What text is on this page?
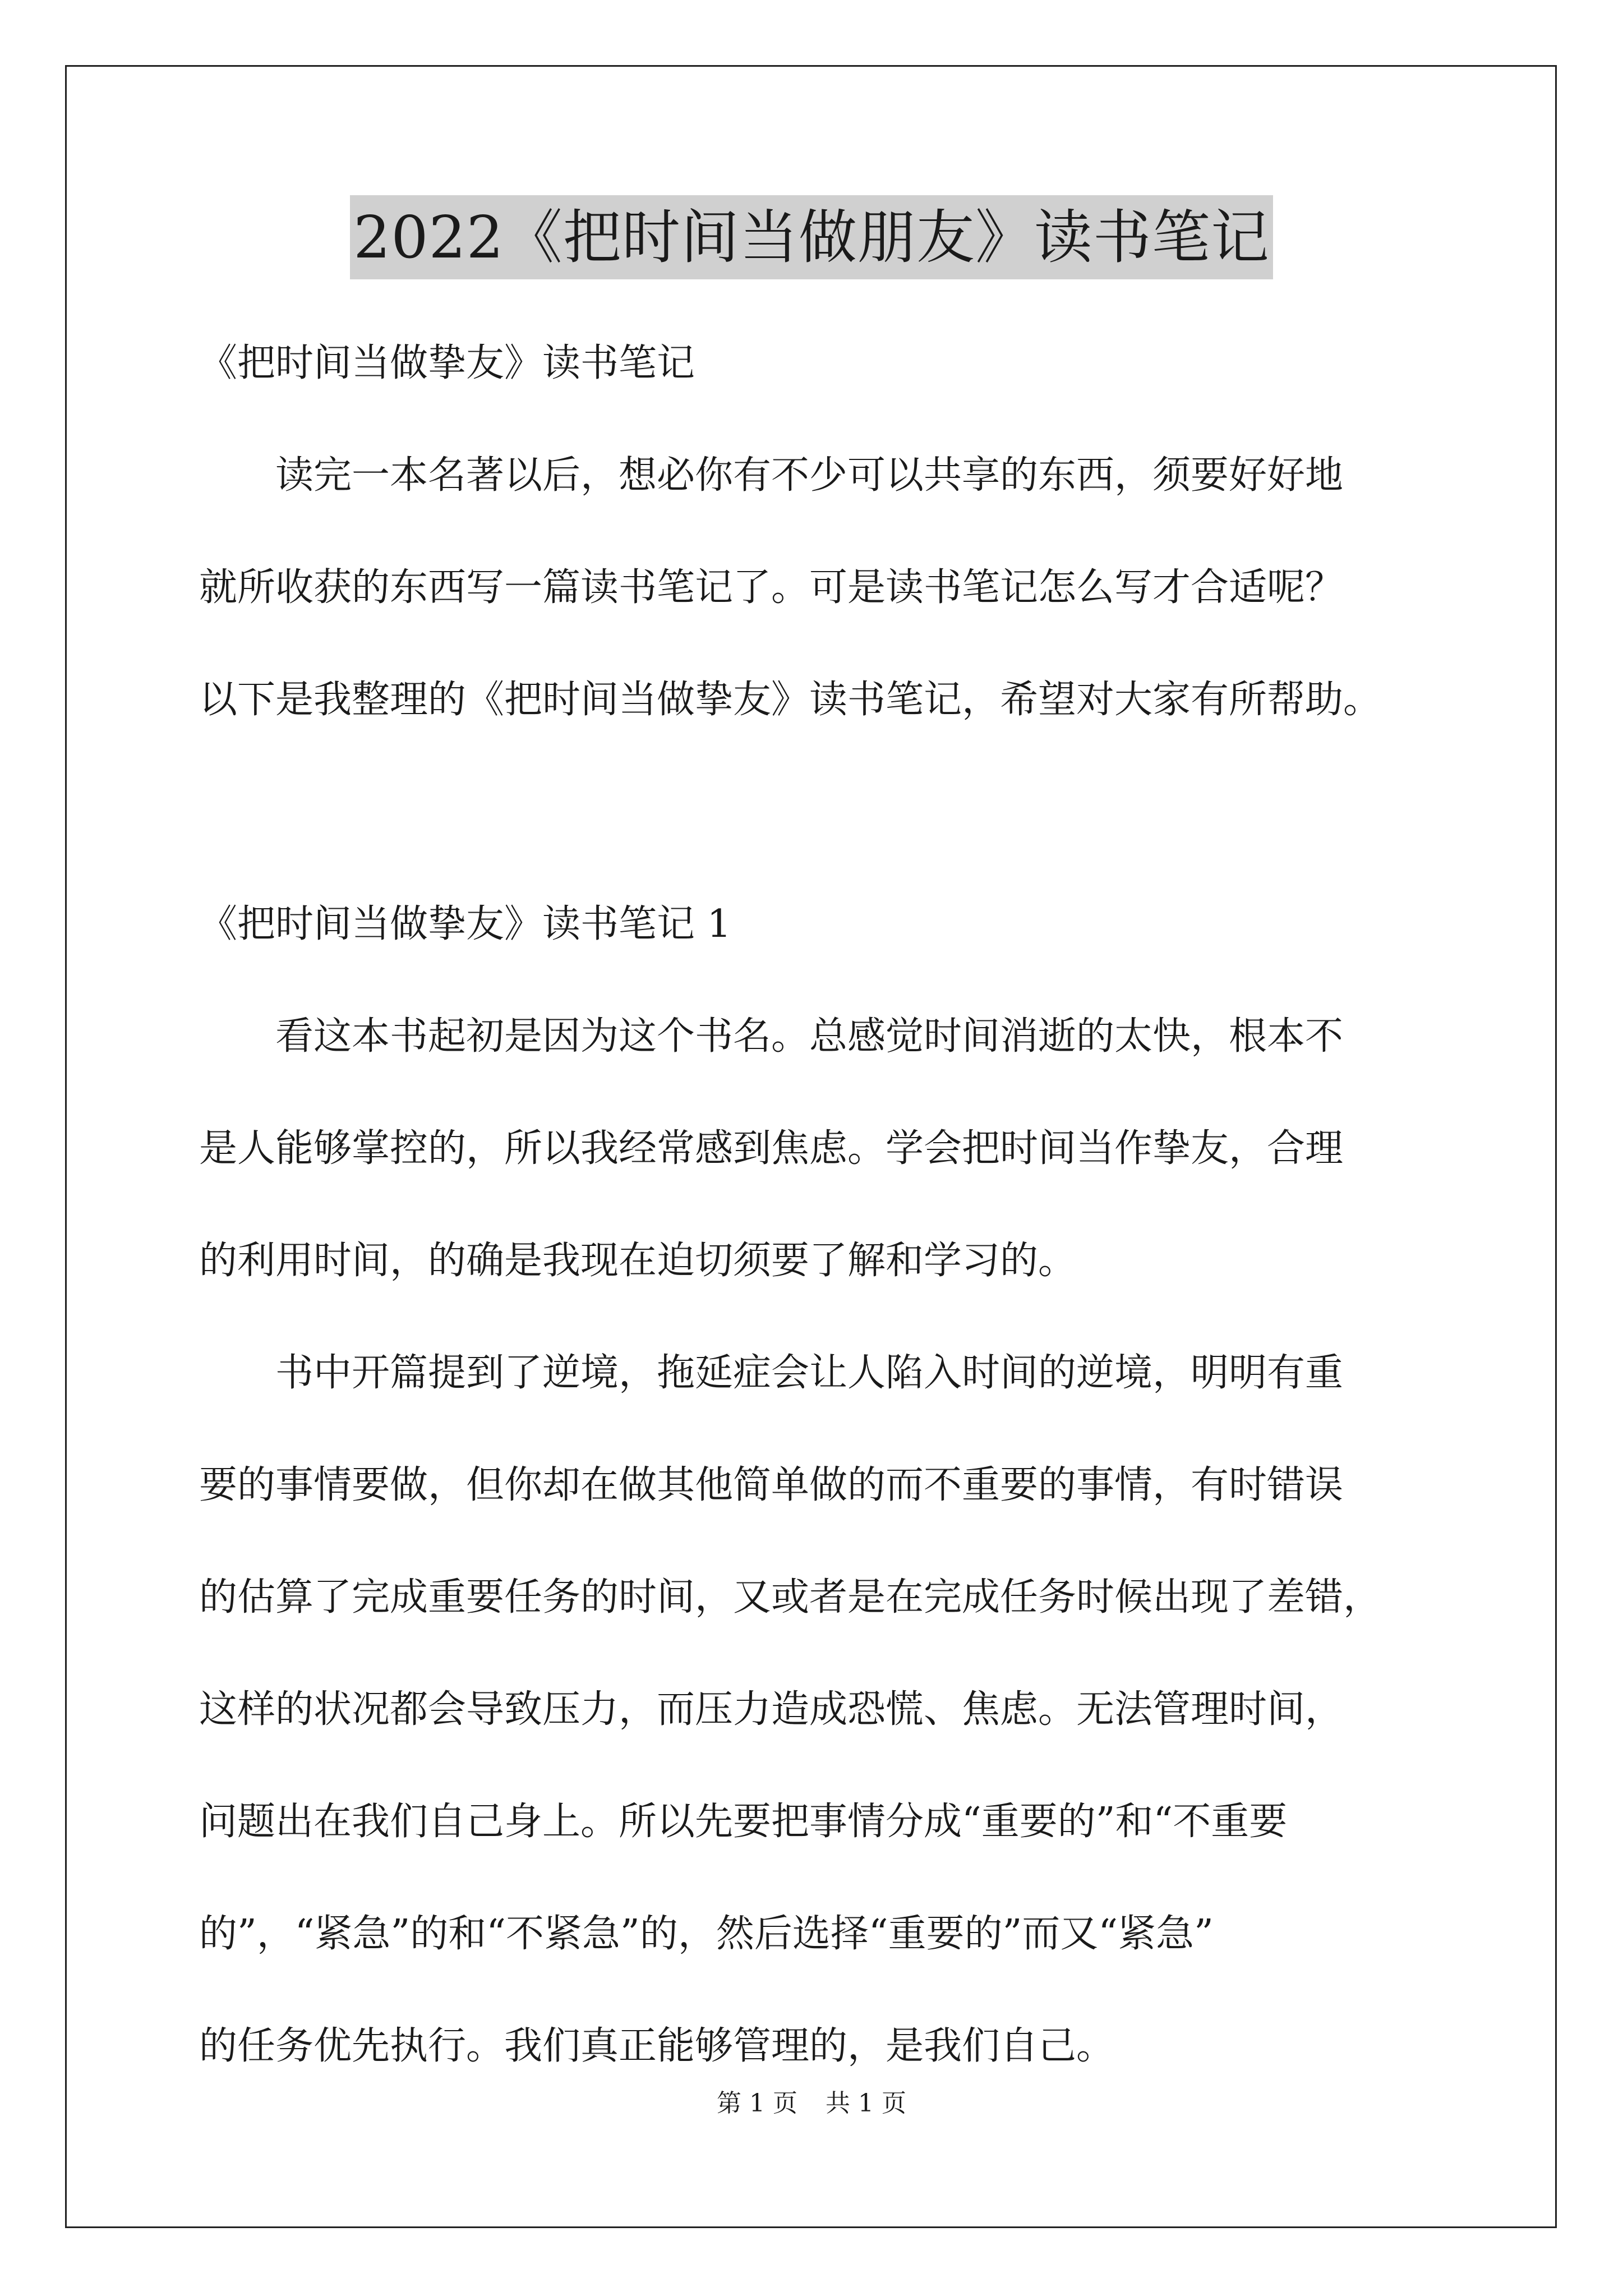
2022《把时间当做朋友》读书笔记

《把时间当做挚友》读书笔记

读完一本名著以后，想必你有不少可以共享的东西，须要好好地

就所收获的东西写一篇读书笔记了。可是读书笔记怎么写才合适呢？

以下是我整理的《把时间当做挚友》读书笔记，希望对大家有所帮助。

《把时间当做挚友》读书笔记 1

看这本书起初是因为这个书名。总感觉时间消逝的太快，根本不

是人能够掌控的，所以我经常感到焦虑。学会把时间当作挚友，合理

的利用时间，的确是我现在迫切须要了解和学习的。

书中开篇提到了逆境，拖延症会让人陷入时间的逆境，明明有重

要的事情要做，但你却在做其他简单做的而不重要的事情，有时错误

的估算了完成重要任务的时间，又或者是在完成任务时候出现了差错，

这样的状况都会导致压力，而压力造成恐慌、焦虑。无法管理时间，

问题出在我们自己身上。所以先要把事情分成“重要的”和“不重要

的”，“紧急”的和“不紧急”的，然后选择“重要的”而又“紧急”

的任务优先执行。我们真正能够管理的，是我们自己。

第 1 页 共 1 页
